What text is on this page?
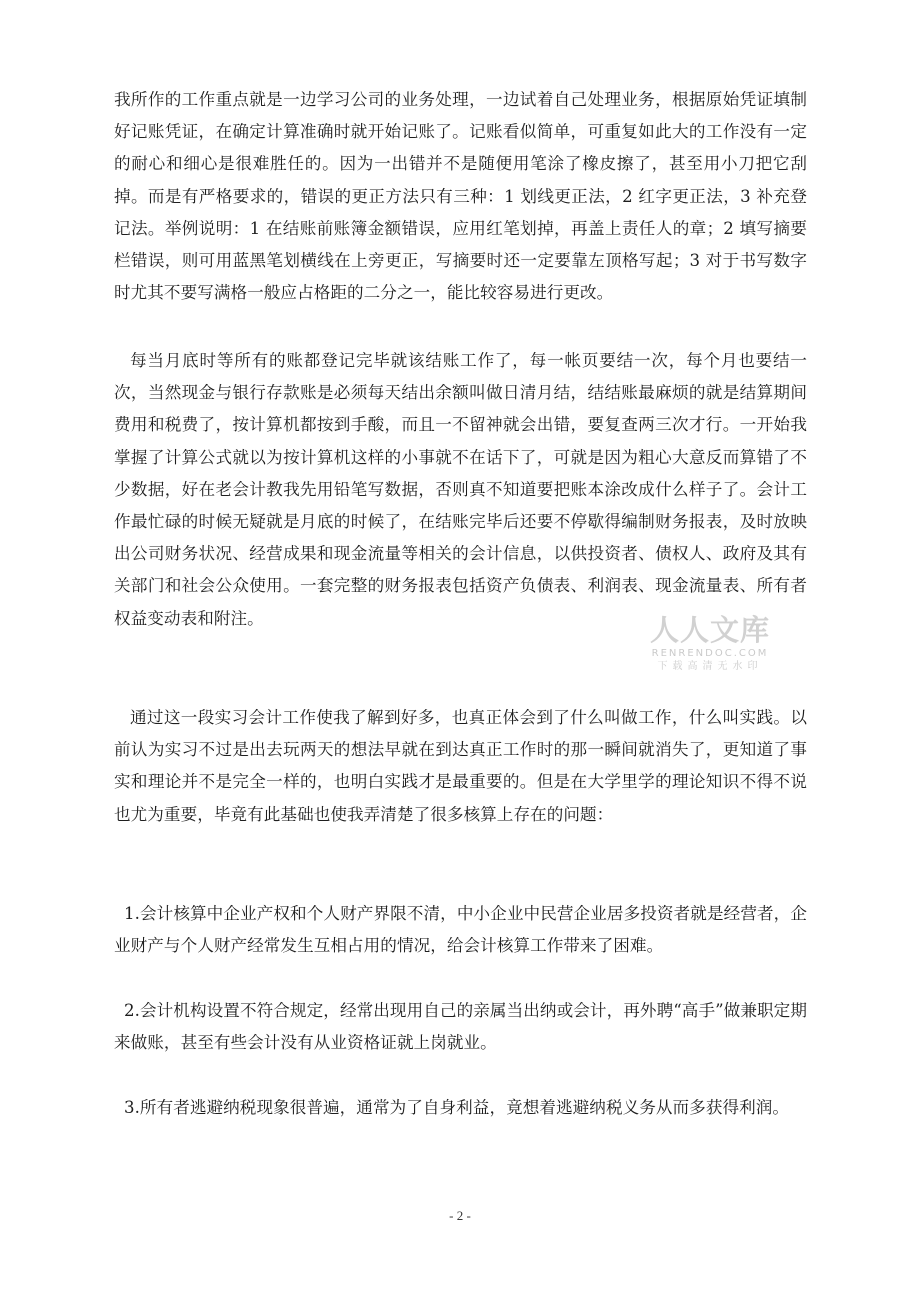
我所作的工作重点就是一边学习公司的业务处理，一边试着自己处理业务，根据原始凭证填制好记账凭证，在确定计算准确时就开始记账了。记账看似简单，可重复如此大的工作没有一定的耐心和细心是很难胜任的。因为一出错并不是随便用笔涂了橡皮擦了，甚至用小刀把它刮掉。而是有严格要求的，错误的更正方法只有三种：1 划线更正法，2 红字更正法，3 补充登记法。举例说明：1 在结账前账簿金额错误，应用红笔划掉，再盖上责任人的章；2 填写摘要栏错误，则可用蓝黑笔划横线在上旁更正，写摘要时还一定要靠左顶格写起；3 对于书写数字时尤其不要写满格一般应占格距的二分之一，能比较容易进行更改。

每当月底时等所有的账都登记完毕就该结账工作了，每一帐页要结一次，每个月也要结一次，当然现金与银行存款账是必须每天结出余额叫做日清月结，结结账最麻烦的就是结算期间费用和税费了，按计算机都按到手酸，而且一不留神就会出错，要复查两三次才行。一开始我掌握了计算公式就以为按计算机这样的小事就不在话下了，可就是因为粗心大意反而算错了不少数据，好在老会计教我先用铅笔写数据，否则真不知道要把账本涂改成什么样子了。会计工作最忙碌的时候无疑就是月底的时候了，在结账完毕后还要不停歇得编制财务报表，及时放映出公司财务状况、经营成果和现金流量等相关的会计信息，以供投资者、债权人、政府及其有关部门和社会公众使用。一套完整的财务报表包括资产负债表、利润表、现金流量表、所有者权益变动表和附注。

通过这一段实习会计工作使我了解到好多，也真正体会到了什么叫做工作，什么叫实践。以前认为实习不过是出去玩两天的想法早就在到达真正工作时的那一瞬间就消失了，更知道了事实和理论并不是完全一样的，也明白实践才是最重要的。但是在大学里学的理论知识不得不说也尤为重要，毕竟有此基础也使我弄清楚了很多核算上存在的问题：

1.会计核算中企业产权和个人财产界限不清，中小企业中民营企业居多投资者就是经营者，企业财产与个人财产经常发生互相占用的情况，给会计核算工作带来了困难。

2.会计机构设置不符合规定，经常出现用自己的亲属当出纳或会计，再外聘“高手”做兼职定期来做账，甚至有些会计没有从业资格证就上岗就业。

3.所有者逃避纳税现象很普遍，通常为了自身利益，竟想着逃避纳税义务从而多获得利润。

人人文库
RENRENDOC.COM
下载高清无水印
- 2 -
